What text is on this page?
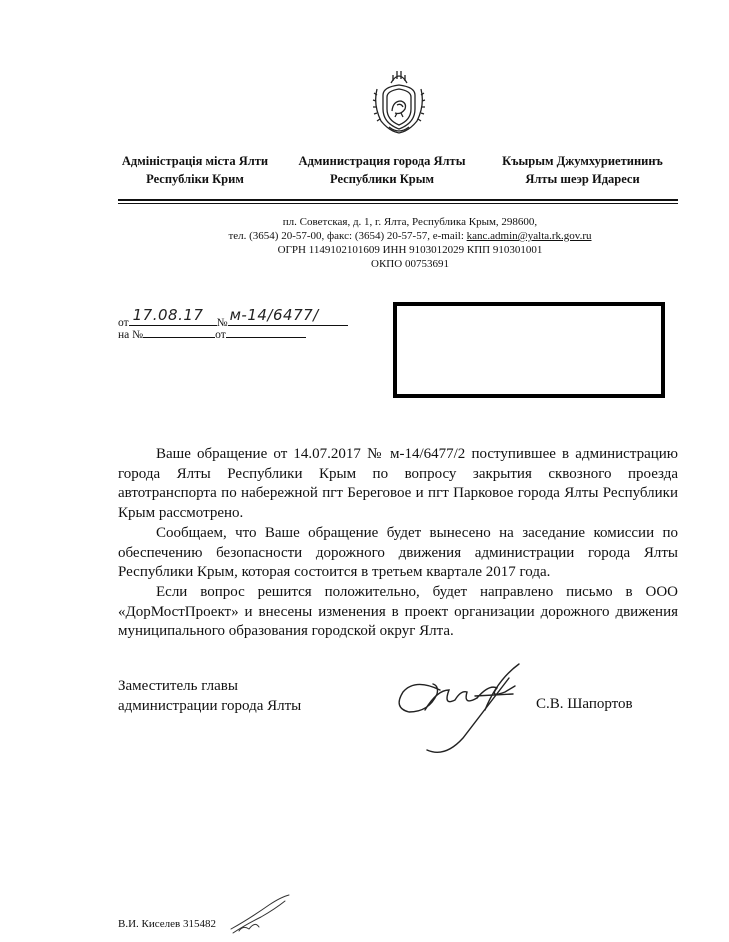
Адміністрація міста Ялти
Республіки Крим
Администрация города Ялты
Республики Крым
Къырым Джумхуриетининъ
Ялты шеэр Идареси
пл. Советская, д. 1, г. Ялта, Республика Крым, 298600,
тел. (3654) 20-57-00, факс: (3654) 20-57-57, e-mail: kanc.admin@yalta.rk.gov.ru
ОГРН 1149102101609 ИНН 9103012029 КПП 910301001
ОКПО 00753691
от 17.08.17 № м-14/6477/
на №	от
Ваше обращение от 14.07.2017 № м-14/6477/2 поступившее в администрацию города Ялты Республики Крым по вопросу закрытия сквозного проезда автотранспорта по набережной пгт Береговое и пгт Парковое города Ялты Республики Крым рассмотрено.
Сообщаем, что Ваше обращение будет вынесено на заседание комиссии по обеспечению безопасности дорожного движения администрации города Ялты Республики Крым, которая состоится в третьем квартале 2017 года.
Если вопрос решится положительно, будет направлено письмо в ООО «ДорМостПроект» и внесены изменения в проект организации дорожного движения муниципального образования городской округ Ялта.
Заместитель главы
администрации города Ялты	С.В. Шапортов
В.И. Киселев 315482
